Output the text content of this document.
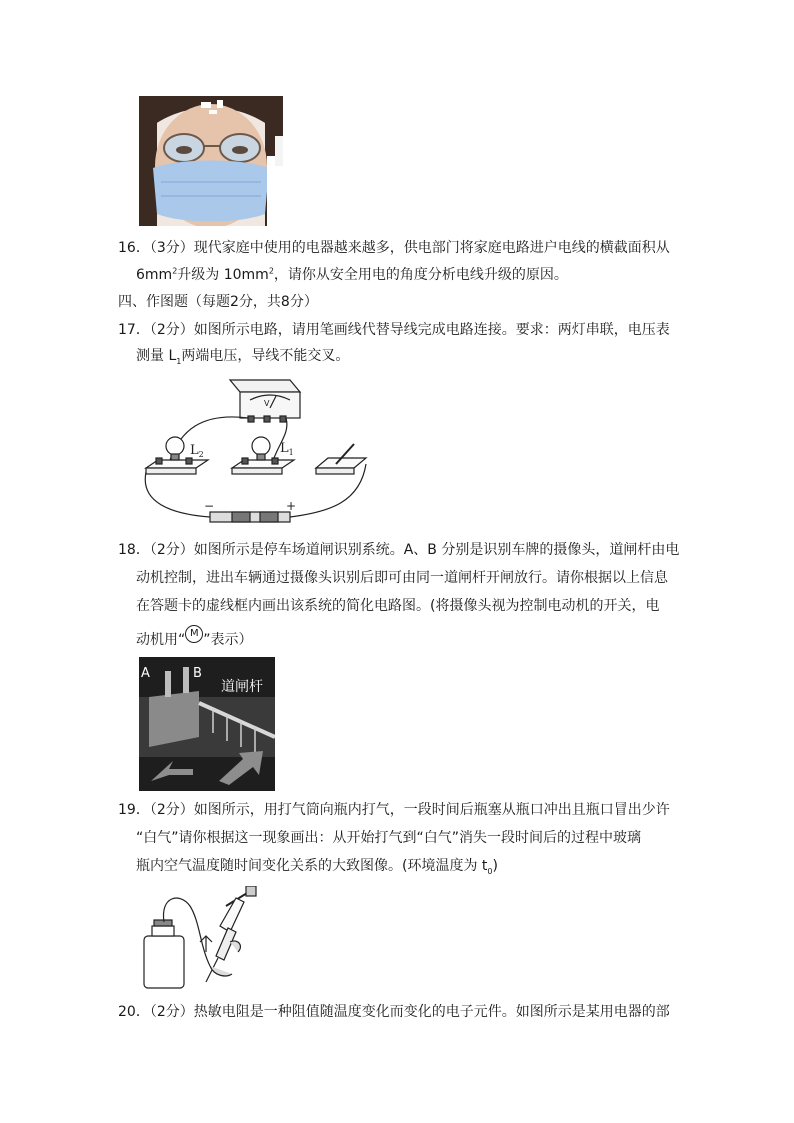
16．（3分）现代家庭中使用的电器越来越多，供电部门将家庭电路进户电线的横截面积从
$6mm^2$升级为 $10mm^2$，请你从安全用电的角度分析电线升级的原因。
四、作图题（每题2分，共8分）
17．（2分）如图所示电路，请用笔画线代替导线完成电路连接。要求：两灯串联，电压表
测量 $L_1$两端电压，导线不能交叉。
$L_2$	$L_1$
V
−	+
18．（2分）如图所示是停车场道闸识别系统。A、B 分别是识别车牌的摄像头，道闸杆由电
动机控制，进出车辆通过摄像头识别后即可由同一道闸杆开闸放行。请你根据以上信息
在答题卡的虚线框内画出该系统的简化电路图。(将摄像头视为控制电动机的开关，电
动机用“ M ”表示）
A	B
道闸杆
19．（2分）如图所示，用打气筒向瓶内打气，一段时间后瓶塞从瓶口冲出且瓶口冒出少许
“白气”请你根据这一现象画出：从开始打气到“白气”消失一段时间后的过程中玻璃
瓶内空气温度随时间变化关系的大致图像。(环境温度为 $t_0$)
20．（2分）热敏电阻是一种阻值随温度变化而变化的电子元件。如图所示是某用电器的部
